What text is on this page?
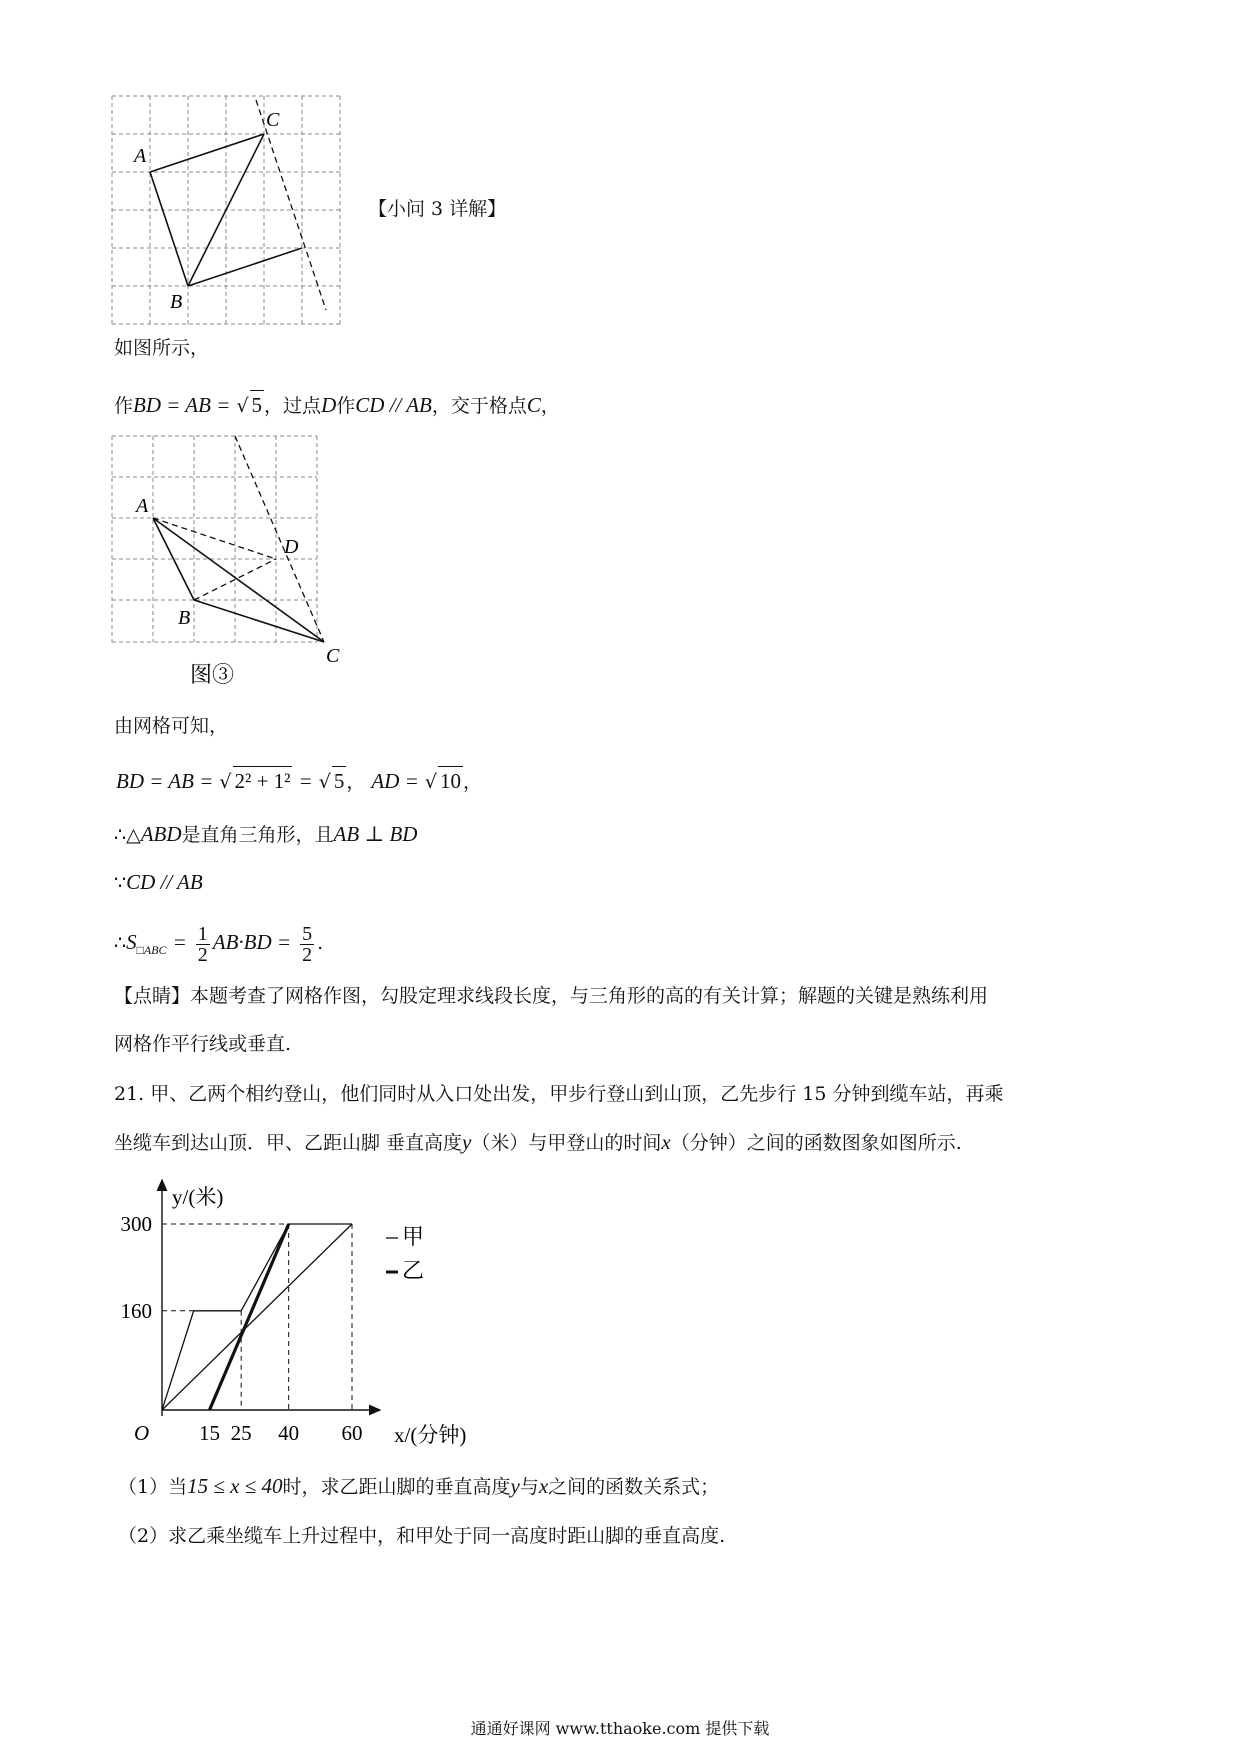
A
C
B
【小问 3 详解】
如图所示，
作BD = AB = √ 5 ，过点D作CD // AB，交于格点C，
A
D
B
C
图③
由网格可知，
BD = AB = √ 2² + 1² = √ 5 ， AD = √ 10 ，
∴△ABD是直角三角形，且AB ⊥ BD
∵CD // AB
$\therefore S_{□ABC} = \frac{1}{2} AB\cdot BD = \frac{5}{2}$ .
【点睛】本题考查了网格作图，勾股定理求线段长度，与三角形的高的有关计算；解题的关键是熟练利用
网格作平行线或垂直.
21. 甲、乙两个相约登山，他们同时从入口处出发，甲步行登山到山顶，乙先步行 15 分钟到缆车站，再乘
坐缆车到达山顶．甲、乙距山脚 垂直高度y（米）与甲登山的时间x（分钟）之间的函数图象如图所示.
15 25 40 60
160
300
O
y/(米)
x/(分钟)
甲
乙
（1）当15 ≤ x ≤ 40时，求乙距山脚的垂直高度y与x之间的函数关系式；
（2）求乙乘坐缆车上升过程中，和甲处于同一高度时距山脚的垂直高度.
通通好课网 www.tthaoke.com 提供下载
